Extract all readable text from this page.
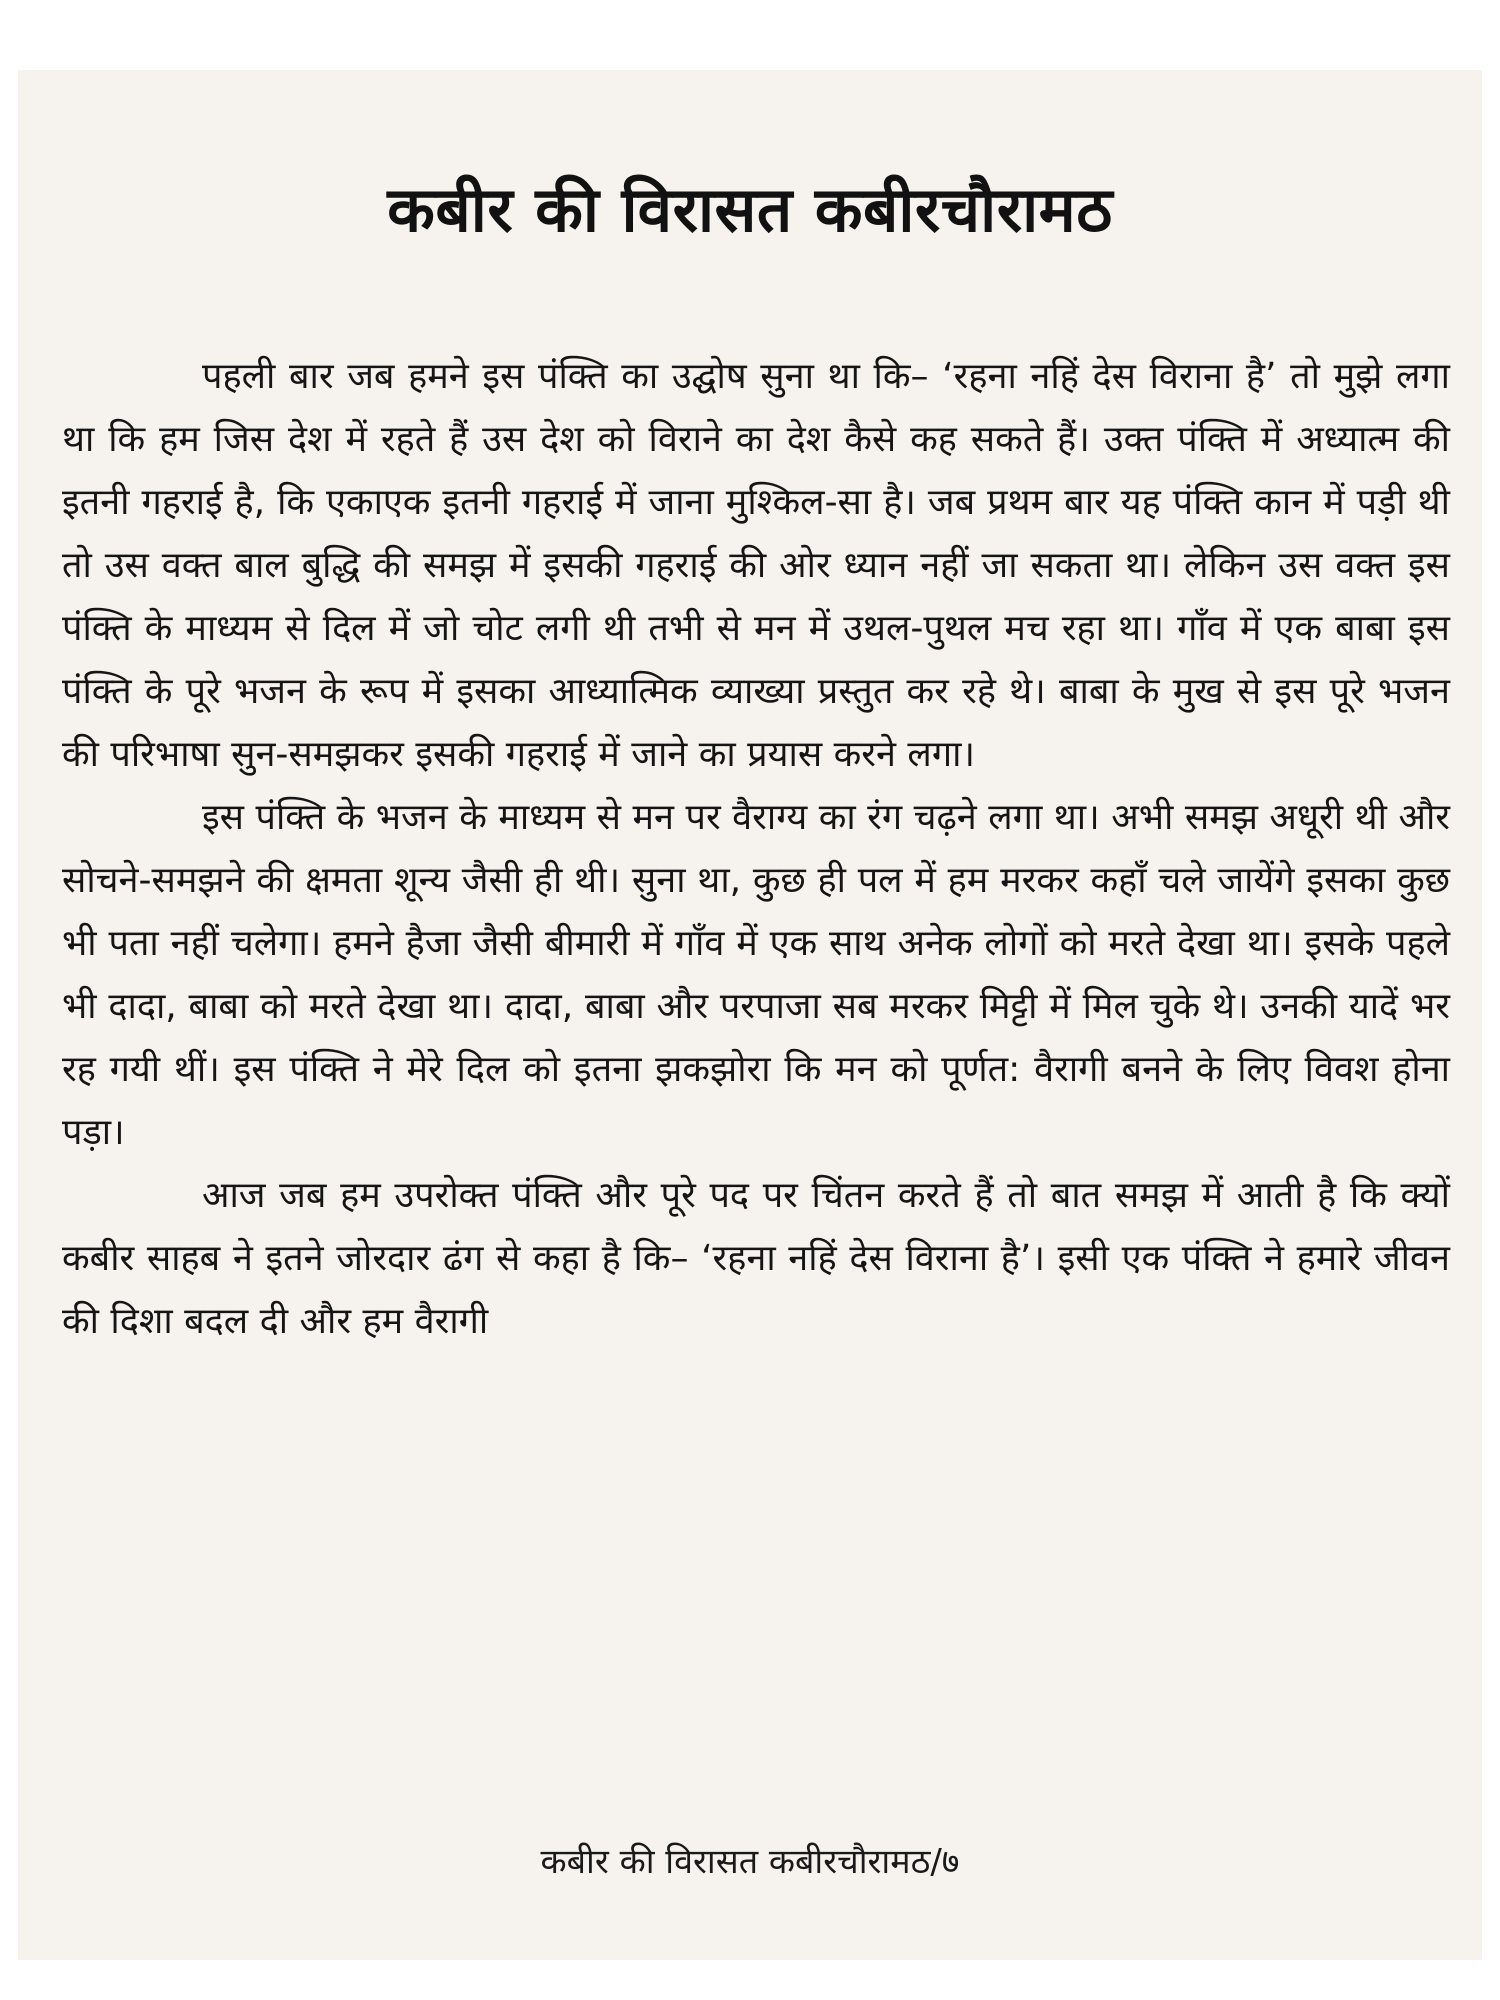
कबीर की विरासत कबीरचौरामठ

पहली बार जब हमने इस पंक्ति का उद्घोष सुना था कि– ‘रहना नहिं देस विराना है’ तो मुझे लगा था कि हम जिस देश में रहते हैं उस देश को विराने का देश कैसे कह सकते हैं। उक्त पंक्ति में अध्यात्म की इतनी गहराई है, कि एकाएक इतनी गहराई में जाना मुश्किल-सा है। जब प्रथम बार यह पंक्ति कान में पड़ी थी तो उस वक्त बाल बुद्धि की समझ में इसकी गहराई की ओर ध्यान नहीं जा सकता था। लेकिन उस वक्त इस पंक्ति के माध्यम से दिल में जो चोट लगी थी तभी से मन में उथल-पुथल मच रहा था। गाँव में एक बाबा इस पंक्ति के पूरे भजन के रूप में इसका आध्यात्मिक व्याख्या प्रस्तुत कर रहे थे। बाबा के मुख से इस पूरे भजन की परिभाषा सुन-समझकर इसकी गहराई में जाने का प्रयास करने लगा।

इस पंक्ति के भजन के माध्यम से मन पर वैराग्य का रंग चढ़ने लगा था। अभी समझ अधूरी थी और सोचने-समझने की क्षमता शून्य जैसी ही थी। सुना था, कुछ ही पल में हम मरकर कहाँ चले जायेंगे इसका कुछ भी पता नहीं चलेगा। हमने हैजा जैसी बीमारी में गाँव में एक साथ अनेक लोगों को मरते देखा था। इसके पहले भी दादा, बाबा को मरते देखा था। दादा, बाबा और परपाजा सब मरकर मिट्टी में मिल चुके थे। उनकी यादें भर रह गयी थीं। इस पंक्ति ने मेरे दिल को इतना झकझोरा कि मन को पूर्णत: वैरागी बनने के लिए विवश होना पड़ा।

आज जब हम उपरोक्त पंक्ति और पूरे पद पर चिंतन करते हैं तो बात समझ में आती है कि क्यों कबीर साहब ने इतने जोरदार ढंग से कहा है कि– ‘रहना नहिं देस विराना है’। इसी एक पंक्ति ने हमारे जीवन की दिशा बदल दी और हम वैरागी

कबीर की विरासत कबीरचौरामठ/७
